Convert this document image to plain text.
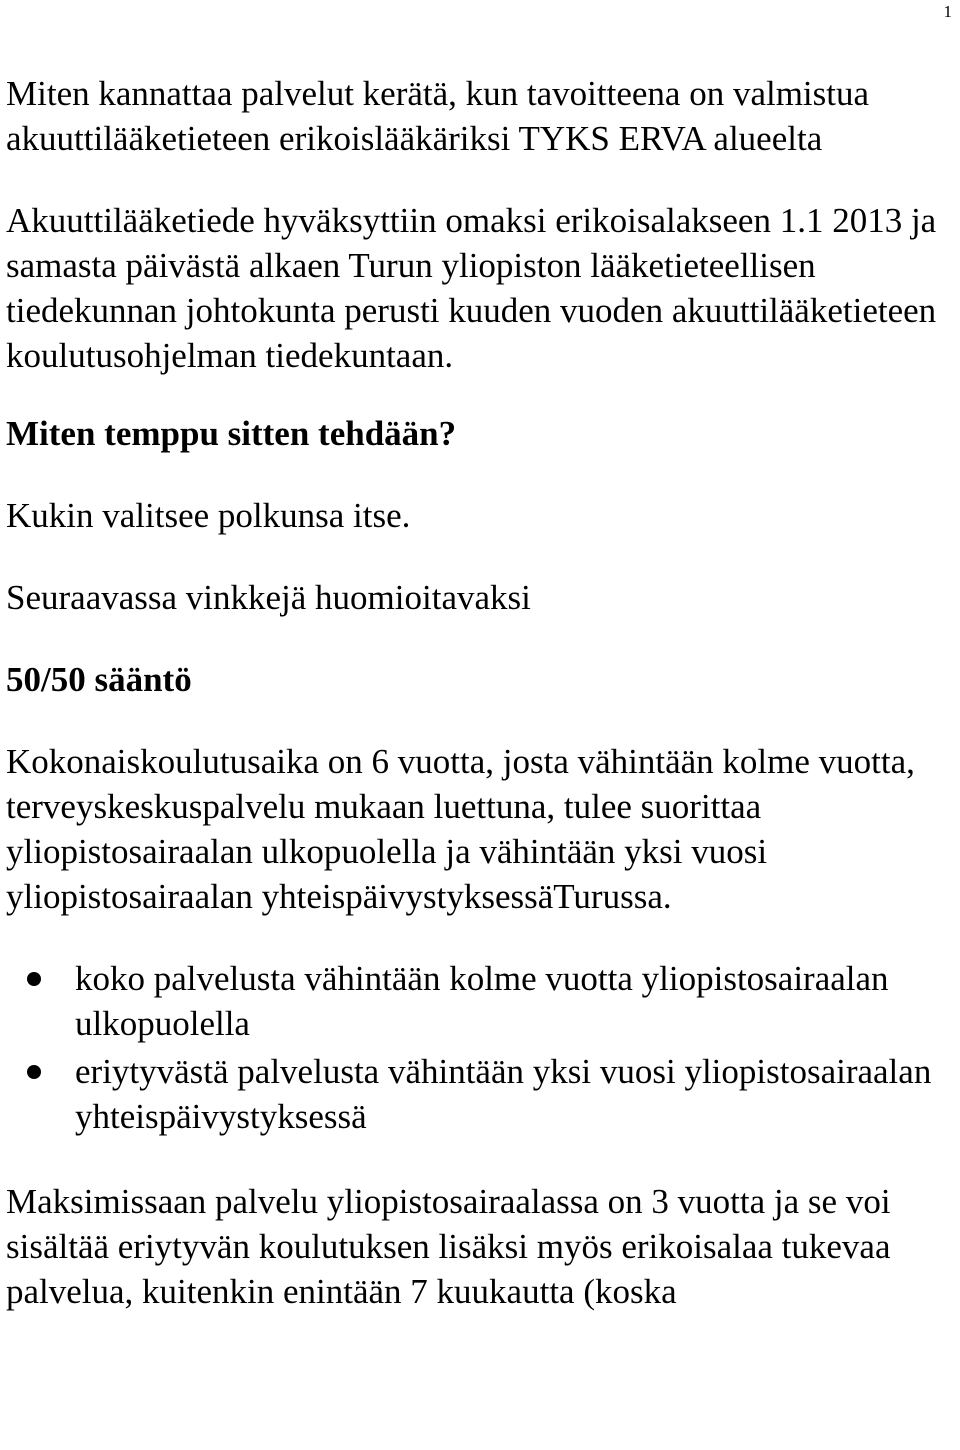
1

Miten kannattaa palvelut kerätä, kun tavoitteena on valmistua akuuttilääketieteen erikoislääkäriksi TYKS ERVA alueelta

Akuuttilääketiede hyväksyttiin omaksi erikoisalakseen 1.1 2013 ja samasta päivästä alkaen Turun yliopiston lääketieteellisen tiedekunnan johtokunta perusti kuuden vuoden akuuttilääketieteen koulutusohjelman tiedekuntaan.

Miten temppu sitten tehdään?

Kukin valitsee polkunsa itse.

Seuraavassa vinkkejä huomioitavaksi

50/50 sääntö

Kokonaiskoulutusaika on 6 vuotta, josta vähintään kolme vuotta, terveyskeskuspalvelu mukaan luettuna, tulee suorittaa yliopistosairaalan ulkopuolella ja vähintään yksi vuosi yliopistosairaalan yhteispäivystyksessäTurussa.

koko palvelusta vähintään kolme vuotta yliopistosairaalan ulkopuolella
eriytyvästä palvelusta vähintään yksi vuosi yliopistosairaalan yhteispäivystyksessä

Maksimissaan palvelu yliopistosairaalassa on 3 vuotta ja se voi sisältää eriytyvän koulutuksen lisäksi myös erikoisalaa tukevaa palvelua, kuitenkin enintään 7 kuukautta (koska
